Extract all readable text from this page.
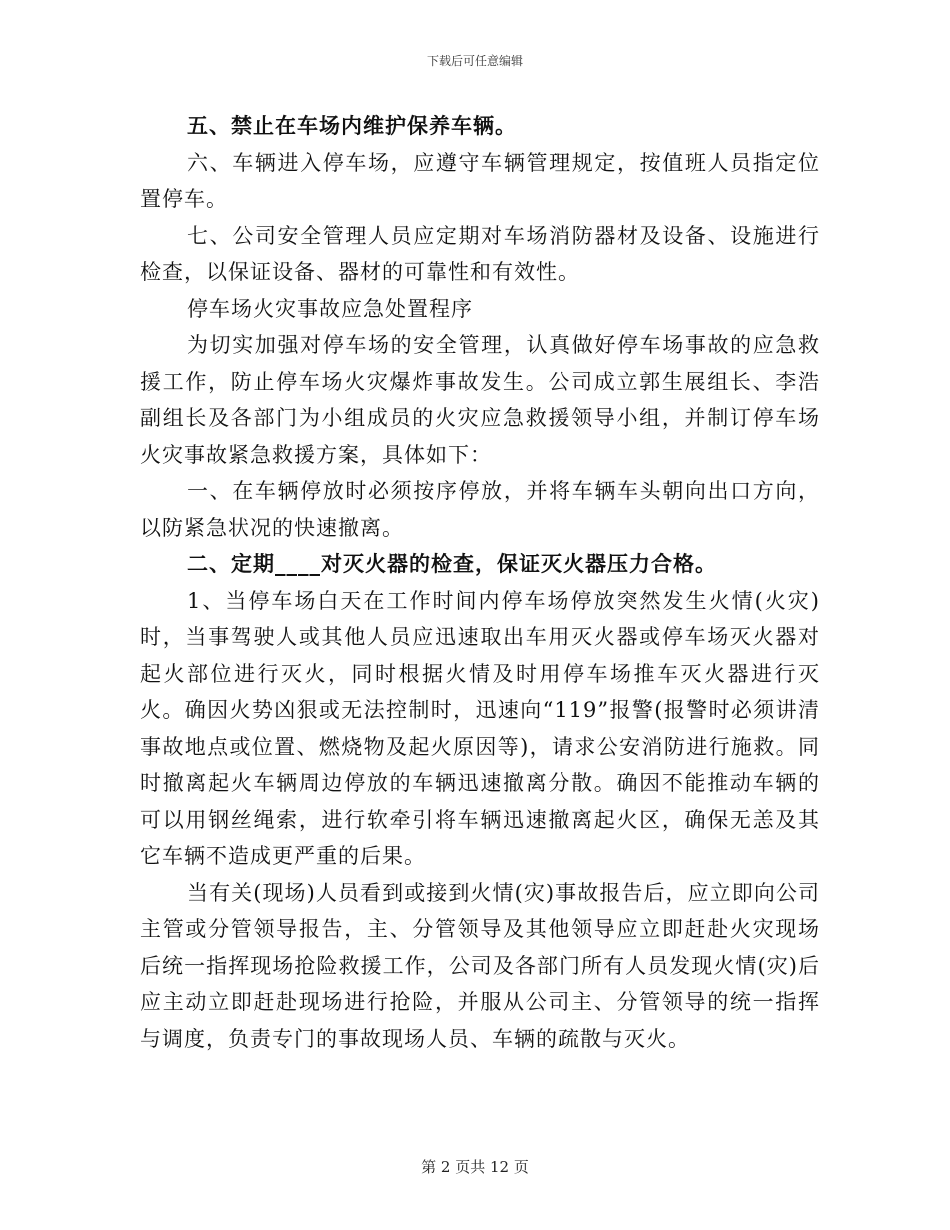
下载后可任意编辑

五、禁止在车场内维护保养车辆。

六、车辆进入停车场，应遵守车辆管理规定，按值班人员指定位置停车。

七、公司安全管理人员应定期对车场消防器材及设备、设施进行检查，以保证设备、器材的可靠性和有效性。

停车场火灾事故应急处置程序

为切实加强对停车场的安全管理，认真做好停车场事故的应急救援工作，防止停车场火灾爆炸事故发生。公司成立郭生展组长、李浩副组长及各部门为小组成员的火灾应急救援领导小组，并制订停车场火灾事故紧急救援方案，具体如下：

一、在车辆停放时必须按序停放，并将车辆车头朝向出口方向，以防紧急状况的快速撤离。

二、定期____对灭火器的检查，保证灭火器压力合格。

1、当停车场白天在工作时间内停车场停放突然发生火情(火灾)时，当事驾驶人或其他人员应迅速取出车用灭火器或停车场灭火器对起火部位进行灭火，同时根据火情及时用停车场推车灭火器进行灭火。确因火势凶狠或无法控制时，迅速向“119”报警(报警时必须讲清事故地点或位置、燃烧物及起火原因等)，请求公安消防进行施救。同时撤离起火车辆周边停放的车辆迅速撤离分散。确因不能推动车辆的可以用钢丝绳索，进行软牵引将车辆迅速撤离起火区，确保无恙及其它车辆不造成更严重的后果。

当有关(现场)人员看到或接到火情(灾)事故报告后，应立即向公司主管或分管领导报告，主、分管领导及其他领导应立即赶赴火灾现场后统一指挥现场抢险救援工作，公司及各部门所有人员发现火情(灾)后应主动立即赶赴现场进行抢险，并服从公司主、分管领导的统一指挥与调度，负责专门的事故现场人员、车辆的疏散与灭火。

第 2 页共 12 页
